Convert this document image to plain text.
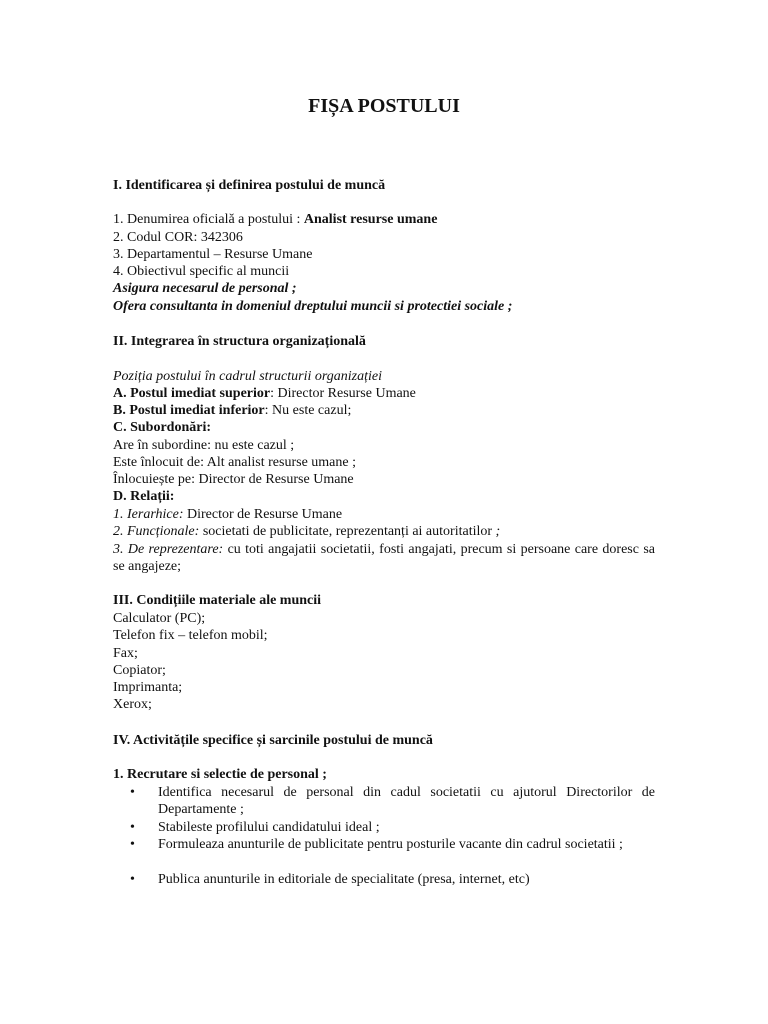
FIȘA POSTULUI
I. Identificarea și definirea postului de muncă
1. Denumirea oficială a postului : Analist resurse umane
2. Codul COR: 342306
3. Departamentul – Resurse Umane
4. Obiectivul specific al muncii
Asigura necesarul de personal ;
Ofera consultanta in domeniul dreptului muncii si protectiei sociale ;
II. Integrarea în structura organizațională
Poziția postului în cadrul structurii organizației
A. Postul imediat superior: Director Resurse Umane
B. Postul imediat inferior: Nu este cazul;
C. Subordonări:
Are în subordine: nu este cazul ;
Este înlocuit de: Alt analist resurse umane ;
Înlocuiește pe: Director de Resurse Umane
D. Relații:
1. Ierarhice: Director de Resurse Umane
2. Funcționale: societati de publicitate, reprezentanți ai autoritatilor ;
3. De reprezentare: cu toti angajatii societatii, fosti angajati, precum si persoane care doresc sa se angajeze;
III. Condițiile materiale ale muncii
Calculator (PC);
Telefon fix – telefon mobil;
Fax;
Copiator;
Imprimanta;
Xerox;
IV. Activitățile specifice și sarcinile postului de muncă
1. Recrutare si selectie de personal ;
•	Identifica necesarul de personal din cadul societatii cu ajutorul Directorilor de Departamente ;
•	Stabileste profilului candidatului ideal ;
•	Formuleaza anunturile de publicitate pentru posturile vacante din cadrul societatii ;
•	Publica anunturile in editoriale de specialitate (presa, internet, etc)
